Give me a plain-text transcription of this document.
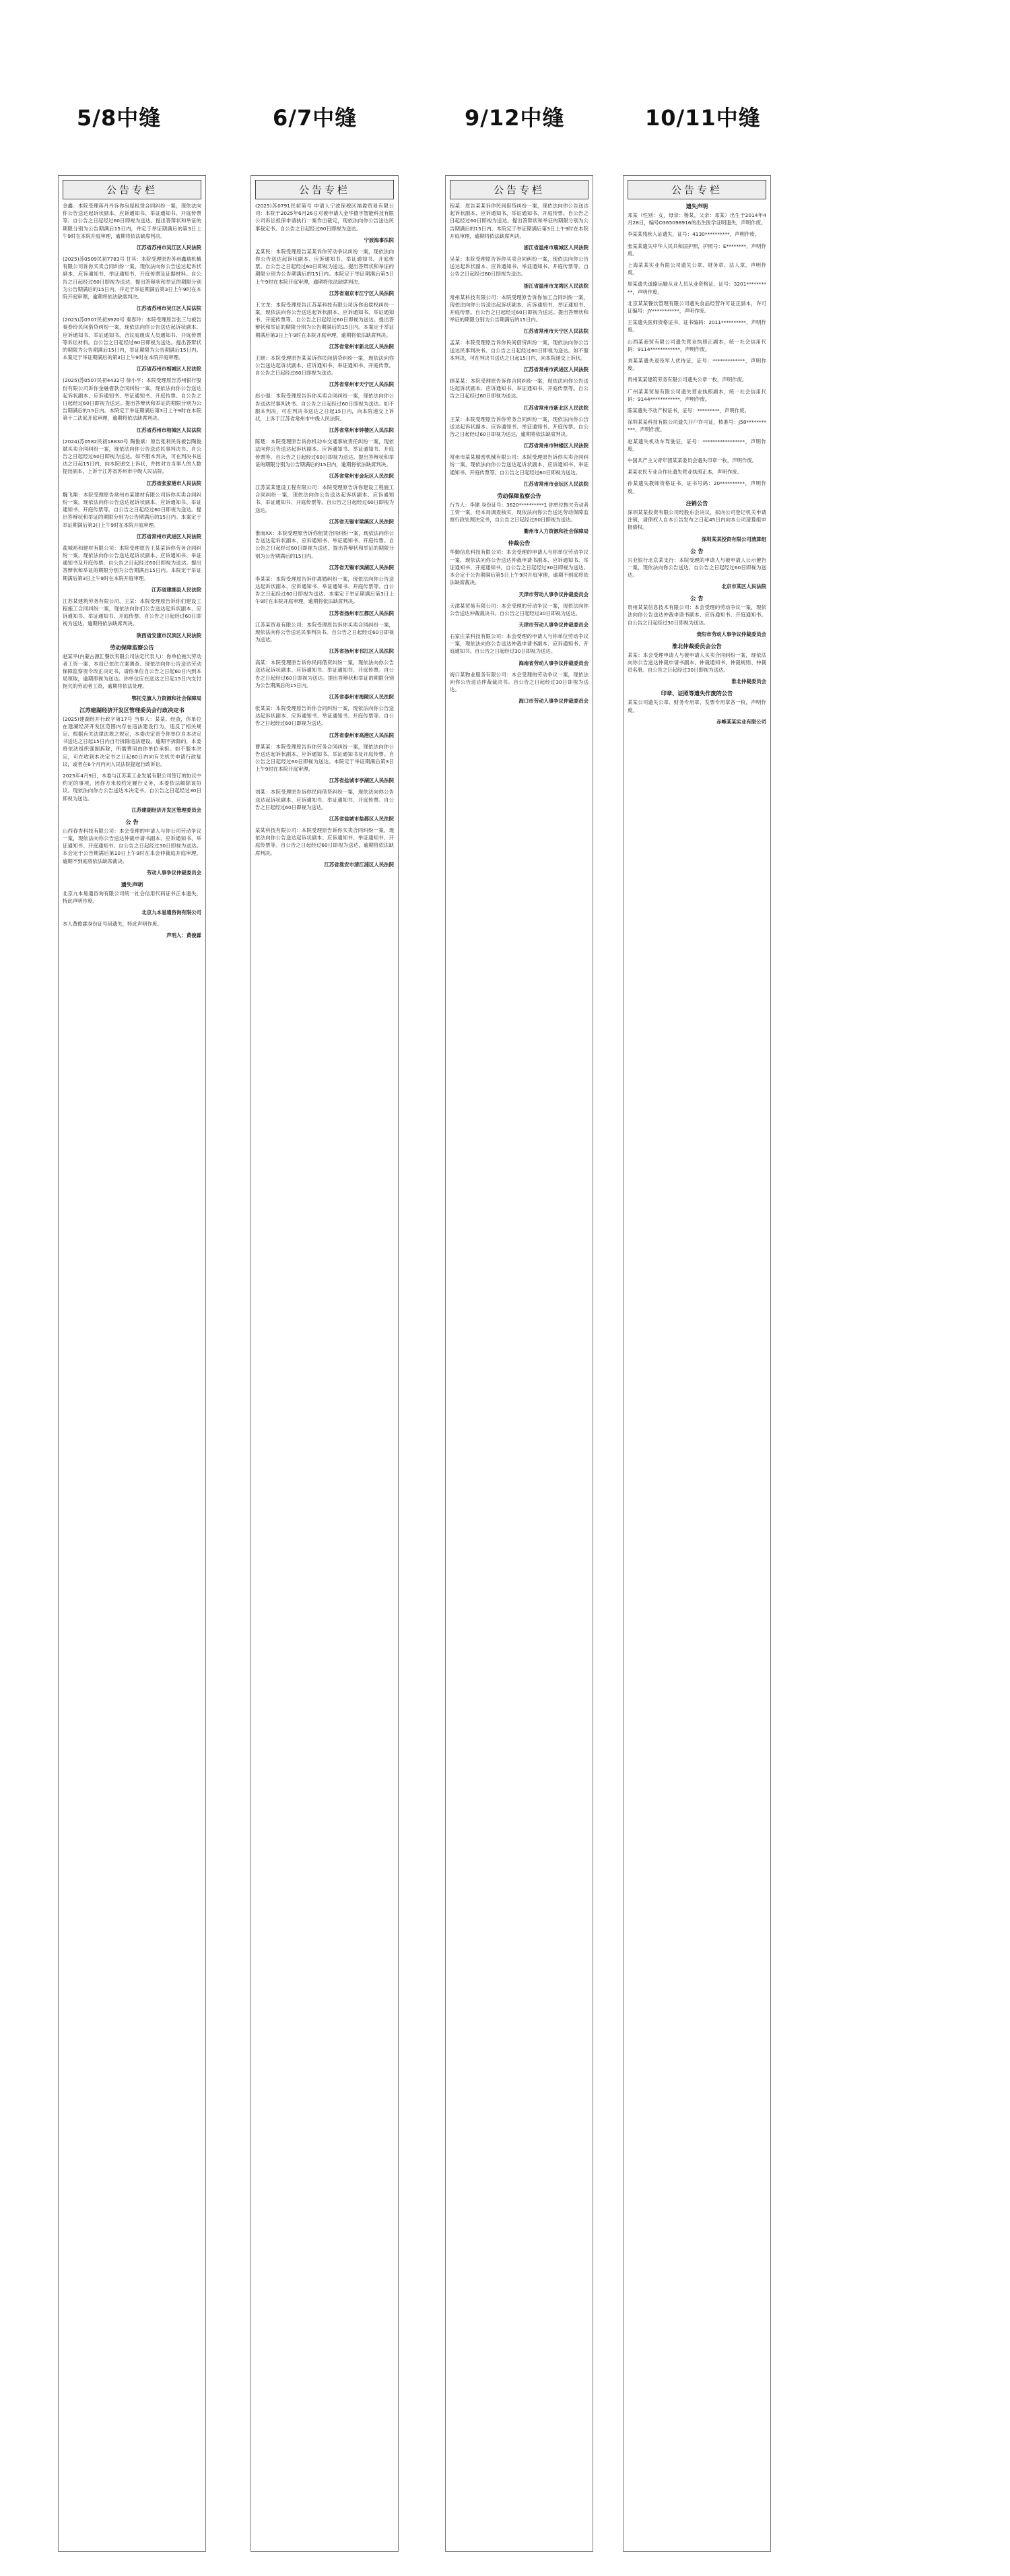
5/8中缝	6/7中缝	9/12中缝	10/11中缝
公告专栏
金鑫：本院受理蒋丹丹诉你房屋租赁合同纠纷一案，现依法向你公告送达起诉状副本、应诉通知书、举证通知书、开庭传票等。自公告之日起经过60日即视为送达。提出答辩状和举证的期限分别为公告期满后15日内，并定于举证期满后的第3日上午9时在本院开庭审理，逾期将依法缺席判决。
江苏省苏州市吴江区人民法院
(2025)苏0509民初7783号 甘其：本院受理原告苏州鑫瑞机械有限公司诉你买卖合同纠纷一案，现依法向你公告送达起诉状副本、应诉通知书、举证通知书、开庭传票及证据材料。自公告之日起经过60日即视为送达，提出答辩状和举证的期限分别为公告期满后的15日内，并定于举证期满后第3日上午9时在本院开庭审理，逾期将依法缺席判决。
江苏省苏州市吴江区人民法院
(2025)苏0507民初3920号 秦春玲：本院受理原告张三与被告秦春玲民间借贷纠纷一案，现依法向你公告送达起诉状副本、应诉通知书、举证通知书、合议庭组成人员通知书、开庭传票等诉讼材料。自公告之日起经过60日即视为送达。提出答辩状的期限为公告期满后15日内，举证期限为公告期满后15日内。本案定于举证期满后的第3日上午9时在本院开庭审理。
江苏省苏州市相城区人民法院
(2025)苏0507民初4432号 徐小平：本院受理原告苏州银行股份有限公司诉你金融借款合同纠纷一案，现依法向你公告送达起诉状副本、应诉通知书、举证通知书、开庭传票。自公告之日起经过60日即视为送达。提出答辩状和举证的期限分别为公告期满后的15日内。本院定于举证期满后第3日上午9时在本院第十二法庭开庭审理，逾期将依法缺席判决。
江苏省苏州市相城区人民法院
(2024)苏0582民初18830号 陶俊斌：原告张利民诉被告陶俊斌买卖合同纠纷一案，现依法向你公告送达民事判决书。自公告之日起经过60日即视为送达。如不服本判决，可在判决书送达之日起15日内，向本院递交上诉状，并按对方当事人的人数提出副本，上诉于江苏省苏州市中级人民法院。
江苏省张家港市人民法院
魏飞翔：本院受理原告常州市某建材有限公司诉你买卖合同纠纷一案，现依法向你公告送达起诉状副本、应诉通知书、举证通知书、开庭传票等。自公告之日起经过60日即视为送达。提出答辩状和举证的期限分别为公告期满后的15日内。本案定于举证期满后第3日上午9时在本院开庭审理。
江苏省常州市武进区人民法院
盐城裕和建材有限公司：本院受理原告王某某诉你劳务合同纠纷一案，现依法向你公告送达起诉状副本、应诉通知书、举证通知书及开庭传票。自公告之日起经过60日即视为送达。提出答辩状和举证的期限分别为公告期满后15日内。本院定于举证期满后第3日上午9时在本院开庭审理。
江苏省建湖县人民法院
江苏某建筑劳务有限公司、王某：本院受理原告诉你们建设工程施工合同纠纷一案，现依法向你们公告送达起诉状副本、应诉通知书、举证通知书、开庭传票。自公告之日起经过60日即视为送达，逾期将依法缺席判决。
陕西省安康市汉滨区人民法院
劳动保障监察公告
赵某平(内蒙古源汇餐饮有限公司法定代表人)：你单位拖欠劳动者工资一案，本局已依法立案调查。现依法向你公告送达劳动保障监察责令改正决定书，请你单位自公告之日起60日内到本局领取，逾期即视为送达。你单位应在送达之日起15日内支付拖欠的劳动者工资，逾期将依法处理。
鄂托克旗人力资源和社会保障局
江苏建湖经济开发区管理委员会行政决定书
(2025)建湖经开行政字第17号 当事人：某某。经查，你单位在建湖经济开发区范围内存在违法建设行为，违反了相关规定。根据有关法律法规之规定，本委决定责令你单位自本决定书送达之日起15日内自行拆除违法建设。逾期不拆除的，本委将依法组织强制拆除，所需费用由你单位承担。如不服本决定，可在收到本决定书之日起60日内向有关机关申请行政复议，或者在6个月内向人民法院提起行政诉讼。
2025年4月9日，本委与江苏某工业发展有限公司签订的协议中约定的事项，因你方未按约定履行义务，本委依法解除该协议。现依法向你方公告送达本决定书，自公告之日起经过30日即视为送达。
江苏建湖经济开发区管理委员会
公 告
山西春杏科技有限公司：本会受理的申请人与你公司劳动争议一案，现依法向你公告送达仲裁申请书副本、应诉通知书、举证通知书、开庭通知书。自公告之日起经过30日即视为送达。本会定于公告期满后第10日上午9时在本会仲裁庭开庭审理，逾期不到庭将依法缺席裁决。
劳动人事争议仲裁委员会
遗失声明
北京九本易通咨询有限公司统一社会信用代码证书正本遗失，特此声明作废。
北京九本易通咨询有限公司
本人黄俊霖身份证号码遗失，特此声明作废。
声明人：黄俊霖
公告专栏
(2025)苏0791民初第号 申请人宁波保税区福盈贸易有限公司：本院于2025年6月26日对被申请人金华德宇智能科技有限公司诉讼担保申请执行一案作出裁定，现依法向你公告送达民事裁定书。自公告之日起经过60日即视为送达。
宁波海事法院
孟某民：本院受理原告某某诉你劳动争议纠纷一案，现依法向你公告送达起诉状副本、应诉通知书、举证通知书、开庭传票。自公告之日起经过60日即视为送达。提出答辩状和举证的期限分别为公告期满后的15日内。本院定于举证期满后第3日上午9时在本院开庭审理，逾期将依法缺席判决。
江苏省南京市江宁区人民法院
王文龙：本院受理原告江苏某科技有限公司诉你追偿权纠纷一案，现依法向你公告送达起诉状副本、应诉通知书、举证通知书、开庭传票等。自公告之日起经过60日即视为送达。提出答辩状和举证的期限分别为公告期满后的15日内。本案定于举证期满后第3日上午9时在本院开庭审理，逾期将依法缺席判决。
江苏省常州市新北区人民法院
王晓：本院受理原告某某诉你民间借贷纠纷一案，现依法向你公告送达起诉状副本、应诉通知书、举证通知书、开庭传票。自公告之日起经过60日即视为送达。
江苏省常州市天宁区人民法院
赵小强：本院受理原告诉你买卖合同纠纷一案，现依法向你公告送达民事判决书。自公告之日起经过60日即视为送达。如不服本判决，可在判决书送达之日起15日内，向本院递交上诉状，上诉于江苏省常州市中级人民法院。
江苏省常州市钟楼区人民法院
陈楚：本院受理原告诉你机动车交通事故责任纠纷一案，现依法向你公告送达起诉状副本、应诉通知书、举证通知书、开庭传票等。自公告之日起经过60日即视为送达。提出答辩状和举证的期限分别为公告期满后的15日内，逾期将依法缺席判决。
江苏省常州市金坛区人民法院
江苏某某建设工程有限公司：本院受理原告诉你建设工程施工合同纠纷一案，现依法向你公告送达起诉状副本、应诉通知书、举证通知书、开庭传票等。自公告之日起经过60日即视为送达。
江苏省无锡市梁溪区人民法院
淮南XX：本院受理原告诉你租赁合同纠纷一案，现依法向你公告送达起诉状副本、应诉通知书、举证通知书、开庭传票。自公告之日起经过60日即视为送达。提出答辩状和举证的期限分别为公告期满后的15日内。
江苏省无锡市滨湖区人民法院
李某某：本院受理原告诉你离婚纠纷一案，现依法向你公告送达起诉状副本、应诉通知书、举证通知书、开庭传票等。自公告之日起经过60日即视为送达。本案定于举证期满后第3日上午9时在本院开庭审理，逾期将依法缺席判决。
江苏省扬州市江都区人民法院
江苏某贸易有限公司：本院受理原告诉你买卖合同纠纷一案，现依法向你公告送达民事判决书。自公告之日起经过60日即视为送达。
江苏省扬州市邗江区人民法院
高某：本院受理原告诉你民间借贷纠纷一案，现依法向你公告送达起诉状副本、应诉通知书、举证通知书、开庭传票。自公告之日起经过60日即视为送达。提出答辩状和举证的期限分别为公告期满后的15日内。
江苏省泰州市海陵区人民法院
张某某：本院受理原告诉你合同纠纷一案，现依法向你公告送达起诉状副本、应诉通知书、举证通知书、开庭传票等。自公告之日起经过60日即视为送达。
江苏省泰州市高港区人民法院
曹某某：本院受理原告诉你劳务合同纠纷一案，现依法向你公告送达起诉状副本、应诉通知书、举证通知书及开庭传票。自公告之日起经过60日即视为送达。本院定于举证期满后第3日上午9时在本院开庭审理。
江苏省盐城市亭湖区人民法院
刘某：本院受理原告诉你民间借贷纠纷一案，现依法向你公告送达起诉状副本、应诉通知书、举证通知书、开庭传票。自公告之日起经过60日即视为送达。
江苏省盐城市盐都区人民法院
某某科技有限公司：本院受理原告诉你买卖合同纠纷一案，现依法向你公告送达起诉状副本、应诉通知书、举证通知书、开庭传票等。自公告之日起经过60日即视为送达，逾期将依法缺席判决。
江苏省淮安市清江浦区人民法院
公告专栏
程某：原告某某诉你民间借贷纠纷一案，现依法向你公告送达起诉状副本、应诉通知书、举证通知书、开庭传票。自公告之日起经过60日即视为送达。提出答辩状和举证的期限分别为公告期满后的15日内。本院定于举证期满后第3日上午9时在本院开庭审理，逾期将依法缺席判决。
浙江省温州市鹿城区人民法院
吴某：本院受理原告诉你买卖合同纠纷一案，现依法向你公告送达起诉状副本、应诉通知书、举证通知书、开庭传票等。自公告之日起经过60日即视为送达。
浙江省温州市龙湾区人民法院
常州某科技有限公司：本院受理原告诉你加工合同纠纷一案，现依法向你公告送达起诉状副本、应诉通知书、举证通知书、开庭传票。自公告之日起经过60日即视为送达。提出答辩状和举证的期限分别为公告期满后的15日内。
江苏省常州市天宁区人民法院
孟某：本院受理原告诉你民间借贷纠纷一案，现依法向你公告送达民事判决书。自公告之日起经过60日即视为送达。如不服本判决，可在判决书送达之日起15日内，向本院递交上诉状。
江苏省常州市武进区人民法院
顾某某：本院受理原告诉你合同纠纷一案，现依法向你公告送达起诉状副本、应诉通知书、举证通知书、开庭传票等。自公告之日起经过60日即视为送达。
江苏省常州市新北区人民法院
王某：本院受理原告诉你劳务合同纠纷一案，现依法向你公告送达起诉状副本、应诉通知书、举证通知书、开庭传票。自公告之日起经过60日即视为送达，逾期将依法缺席判决。
江苏省常州市钟楼区人民法院
常州市某某精密机械有限公司：本院受理原告诉你买卖合同纠纷一案，现依法向你公告送达起诉状副本、应诉通知书、举证通知书、开庭传票等。自公告之日起经过60日即视为送达。
江苏省常州市金坛区人民法院
劳动保障监察公告
行为人：李建 身份证号：3620**********1 你单位拖欠劳动者工资一案，经本局调查核实，现依法向你公告送达劳动保障监察行政处理决定书，自公告之日起经过60日即视为送达。
衢州市人力资源和社会保障局
仲裁公告
华勤信息科技有限公司：本会受理的申请人与你单位劳动争议一案，现依法向你公告送达仲裁申请书副本、应诉通知书、举证通知书、开庭通知书。自公告之日起经过30日即视为送达。本会定于公告期满后第5日上午9时开庭审理，逾期不到庭将依法缺席裁决。
天津市劳动人事争议仲裁委员会
天津某贸易有限公司：本会受理的劳动争议一案，现依法向你公告送达仲裁裁决书。自公告之日起经过30日即视为送达。
天津市劳动人事争议仲裁委员会
石家庄某科技有限公司：本会受理的申请人与你单位劳动争议一案，现依法向你公告送达仲裁申请书副本、应诉通知书、开庭通知书。自公告之日起经过30日即视为送达。
海南省劳动人事争议仲裁委员会
海口某物业服务有限公司：本会受理的劳动争议一案，现依法向你公告送达仲裁裁决书。自公告之日起经过30日即视为送达。
海口市劳动人事争议仲裁委员会
公告专栏
遗失声明
邓某（性别：女，母亲：杨某，父亲：邓某）出生于2014年4月28日，编号O365098916的出生医学证明遗失，声明作废。
李某某残疾人证遗失，证号：4130**********，声明作废。
张某某遗失中华人民共和国护照，护照号：E********，声明作废。
上海某某实业有限公司遗失公章、财务章、法人章，声明作废。
周某遗失道路运输从业人员从业资格证，证号：3201**********，声明作废。
北京某某餐饮管理有限公司遗失食品经营许可证正副本，许可证编号：JY***********，声明作废。
王某遗失医师资格证书，证书编码：2011**********，声明作废。
山西某商贸有限公司遗失营业执照正副本，统一社会信用代码：9114************，声明作废。
刘某某遗失退役军人优待证，证号：*************，声明作废。
贵州某某建筑劳务有限公司遗失公章一枚，声明作废。
广州某某贸易有限公司遗失营业执照副本，统一社会信用代码：9144************，声明作废。
陈某遗失不动产权证书，证号：*********，声明作废。
深圳某某科技有限公司遗失开户许可证，核准号：J58***********，声明作废。
赵某遗失机动车驾驶证，证号：*****************，声明作废。
中国共产主义青年团某某委员会遗失印章一枚，声明作废。
某某农民专业合作社遗失营业执照正本，声明作废。
孙某遗失教师资格证书，证书号码：20**********，声明作废。
注销公告
深圳某某投资有限公司经股东会决议，拟向公司登记机关申请注销，请债权人自本公告发布之日起45日内向本公司清算组申报债权。
深圳某某投资有限公司清算组
公 告
兴业银行北京某支行：本院受理的申请人与被申请人公示催告一案，现依法向你公告送达，自公告之日起经过60日即视为送达。
北京市某区人民法院
公 告
贵州某某信息技术有限公司：本会受理的劳动争议一案，现依法向你公告送达仲裁申请书副本、应诉通知书、开庭通知书。自公告之日起经过30日即视为送达。
贵阳市劳动人事争议仲裁委员会
淮北仲裁委员会公告
某某：本会受理申请人与被申请人买卖合同纠纷一案，现依法向你公告送达仲裁申请书副本、仲裁通知书、仲裁规则、仲裁员名册。自公告之日起经过30日即视为送达。
淮北仲裁委员会
印章、证照等遗失作废的公告
某某公司遗失公章、财务专用章、发票专用章各一枚，声明作废。
赤峰某某实业有限公司
